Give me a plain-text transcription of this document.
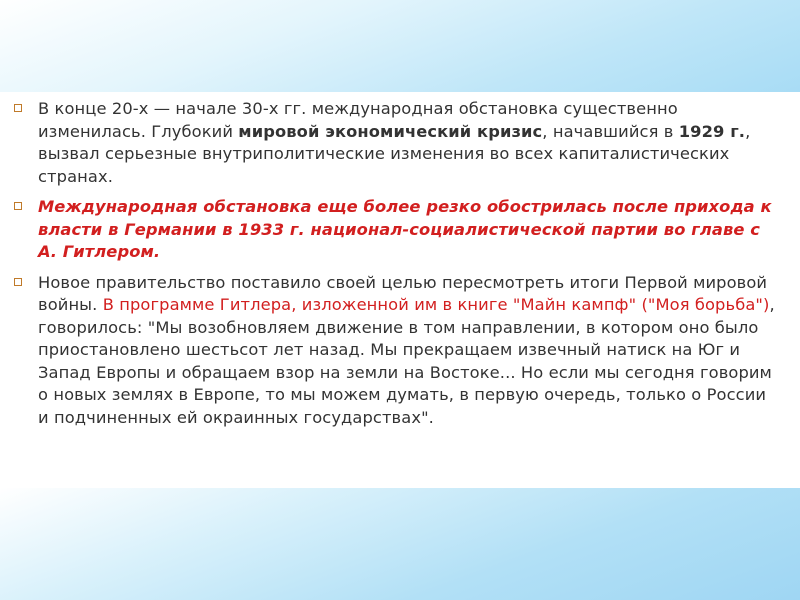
В конце 20-х — начале 30-х гг. международная обстановка существенно изменилась. Глубокий мировой экономический кризис, начавшийся в 1929 г., вызвал серьезные внутриполитические изменения во всех капиталистических странах.
Международная обстановка еще более резко обострилась после прихода к власти в Германии в 1933 г. национал-социалистической партии во главе с А. Гитлером.
Новое правительство поставило своей целью пересмотреть итоги Первой мировой войны. В программе Гитлера, изложенной им в книге "Майн кампф" ("Моя борьба"), говорилось: "Мы возобновляем движение в том направлении, в котором оно было приостановлено шестьсот лет назад. Мы прекращаем извечный натиск на Юг и Запад Европы и обращаем взор на земли на Востоке... Но если мы сегодня говорим о новых землях в Европе, то мы можем думать, в первую очередь, только о России и подчиненных ей окраинных государствах".
